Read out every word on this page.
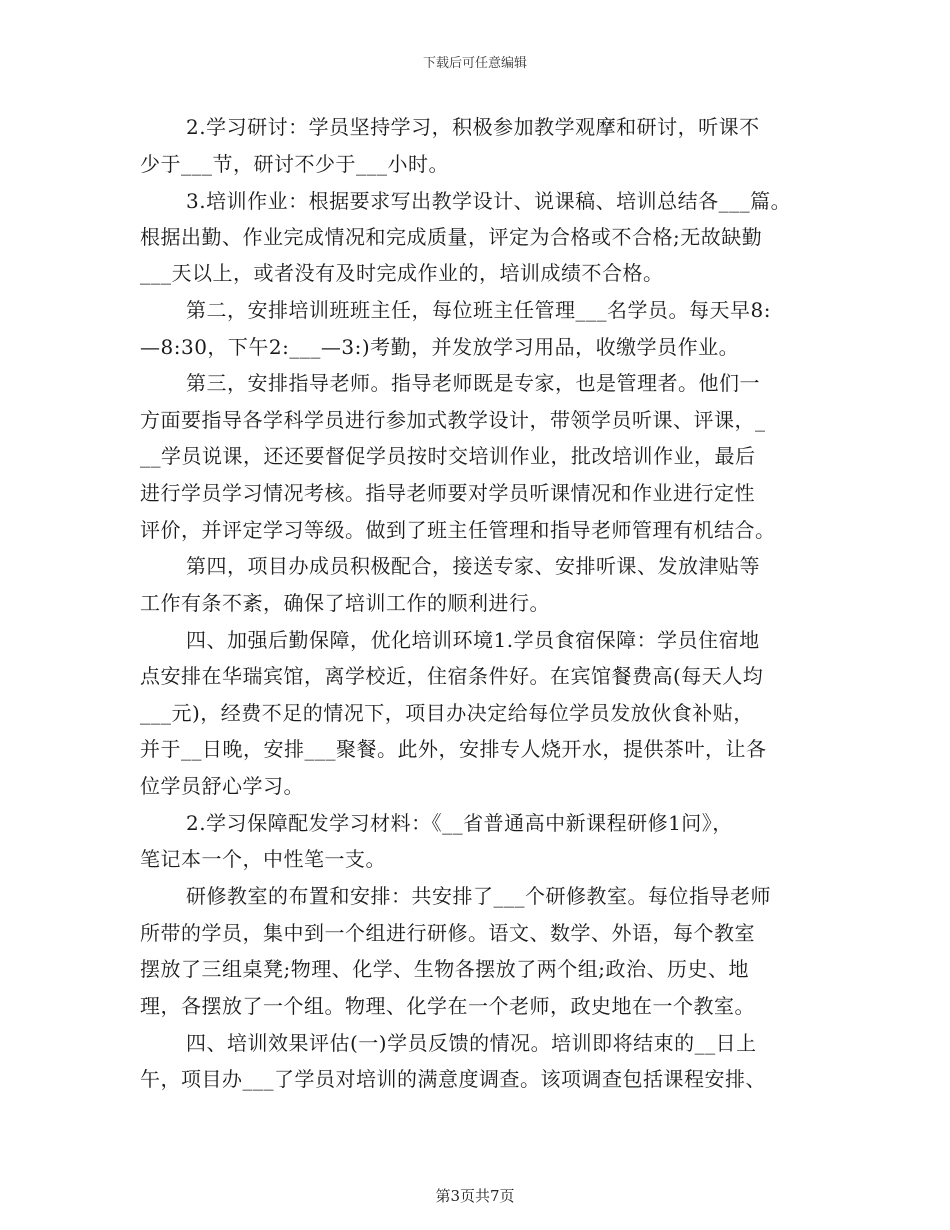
下载后可任意编辑
2.学习研讨：学员坚持学习，积极参加教学观摩和研讨，听课不
少于___节，研讨不少于___小时。
3.培训作业：根据要求写出教学设计、说课稿、培训总结各___篇。
根据出勤、作业完成情况和完成质量，评定为合格或不合格;无故缺勤
___天以上，或者没有及时完成作业的，培训成绩不合格。
第二，安排培训班班主任，每位班主任管理___名学员。每天早8:
—8:30，下午2:___—3:)考勤，并发放学习用品，收缴学员作业。
第三，安排指导老师。指导老师既是专家，也是管理者。他们一
方面要指导各学科学员进行参加式教学设计，带领学员听课、评课，_
__学员说课，还还要督促学员按时交培训作业，批改培训作业，最后
进行学员学习情况考核。指导老师要对学员听课情况和作业进行定性
评价，并评定学习等级。做到了班主任管理和指导老师管理有机结合。
第四，项目办成员积极配合，接送专家、安排听课、发放津贴等
工作有条不紊，确保了培训工作的顺利进行。
四、加强后勤保障，优化培训环境1.学员食宿保障：学员住宿地
点安排在华瑞宾馆，离学校近，住宿条件好。在宾馆餐费高(每天人均
___元)，经费不足的情况下，项目办决定给每位学员发放伙食补贴，
并于__日晚，安排___聚餐。此外，安排专人烧开水，提供茶叶，让各
位学员舒心学习。
2.学习保障配发学习材料：《__省普通高中新课程研修1问》，
笔记本一个，中性笔一支。
研修教室的布置和安排：共安排了___个研修教室。每位指导老师
所带的学员，集中到一个组进行研修。语文、数学、外语，每个教室
摆放了三组桌凳;物理、化学、生物各摆放了两个组;政治、历史、地
理，各摆放了一个组。物理、化学在一个老师，政史地在一个教室。
四、培训效果评估(一)学员反馈的情况。培训即将结束的__日上
午，项目办___了学员对培训的满意度调查。该项调查包括课程安排、
第3页共7页
